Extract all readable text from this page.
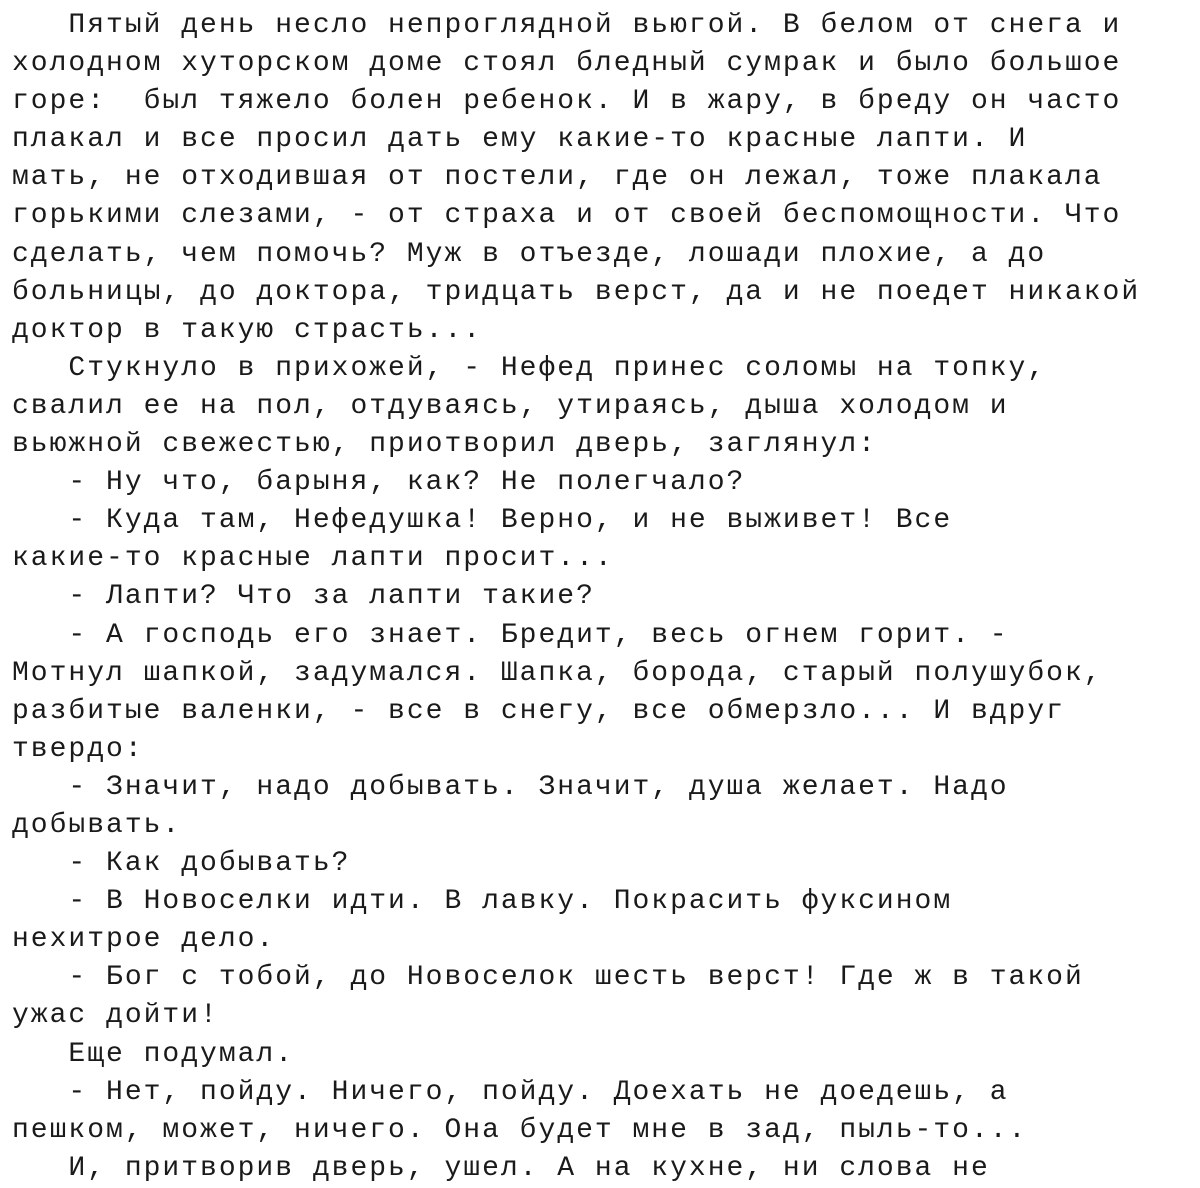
Пятый день несло непроглядной вьюгой. В белом от снега и
холодном хуторском доме стоял бледный сумрак и было большое
горе:  был тяжело болен ребенок. И в жару, в бреду он часто
плакал и все просил дать ему какие-то красные лапти. И
мать, не отходившая от постели, где он лежал, тоже плакала
горькими слезами, - от страха и от своей беспомощности. Что
сделать, чем помочь? Муж в отъезде, лошади плохие, а до
больницы, до доктора, тридцать верст, да и не поедет никакой
доктор в такую страсть...
Стукнуло в прихожей, - Нефед принес соломы на топку,
свалил ее на пол, отдуваясь, утираясь, дыша холодом и
вьюжной свежестью, приотворил дверь, заглянул:
- Ну что, барыня, как? Не полегчало?
- Куда там, Нефедушка! Верно, и не выживет! Все
какие-то красные лапти просит...
- Лапти? Что за лапти такие?
- А господь его знает. Бредит, весь огнем горит. -
Мотнул шапкой, задумался. Шапка, борода, старый полушубок,
разбитые валенки, - все в снегу, все обмерзло... И вдруг
твердо:
- Значит, надо добывать. Значит, душа желает. Надо
добывать.
- Как добывать?
- В Новоселки идти. В лавку. Покрасить фуксином
нехитрое дело.
- Бог с тобой, до Новоселок шесть верст! Где ж в такой
ужас дойти!
Еще подумал.
- Нет, пойду. Ничего, пойду. Доехать не доедешь, а
пешком, может, ничего. Она будет мне в зад, пыль-то...
И, притворив дверь, ушел. А на кухне, ни слова не
